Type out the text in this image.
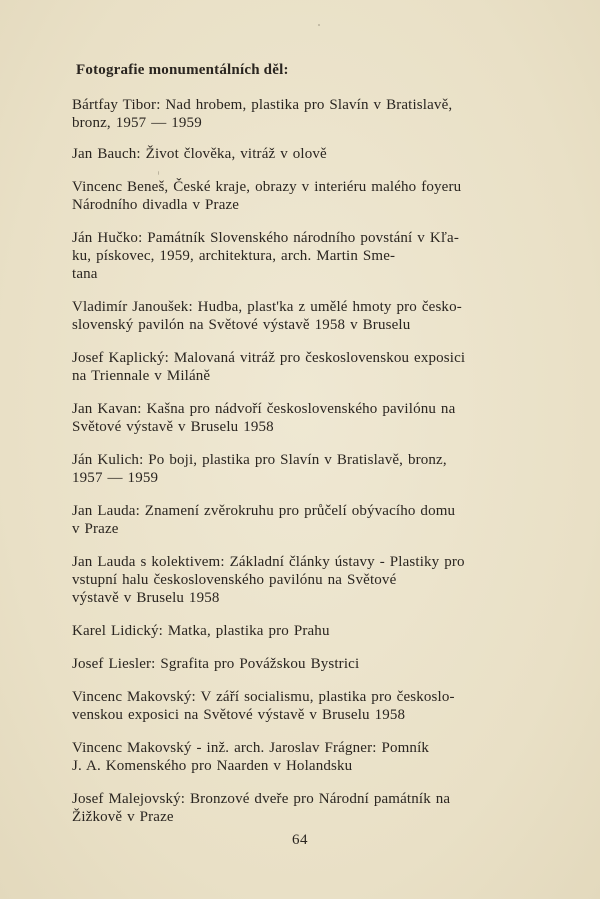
Fotografie monumentálních děl:

Bártfay Tibor: Nad hrobem, plastika pro Slavín v Bratislavě,
bronz, 1957 — 1959

Jan Bauch: Život člověka, vitráž v olově

Vincenc Beneš, České kraje, obrazy v interiéru malého foyeru
Národního divadla v Praze

Ján Hučko: Památník Slovenského národního povstání v Kľa-
ku, pískovec, 1959, architektura, arch. Martin Sme-
tana

Vladimír Janoušek: Hudba, plast'ka z umělé hmoty pro česko-
slovenský pavilón na Světové výstavě 1958 v Bruselu

Josef Kaplický: Malovaná vitráž pro československou exposici
na Triennale v Miláně

Jan Kavan: Kašna pro nádvoří československého pavilónu na
Světové výstavě v Bruselu 1958

Ján Kulich: Po boji, plastika pro Slavín v Bratislavě, bronz,
1957 — 1959

Jan Lauda: Znamení zvěrokruhu pro průčelí obývacího domu
v Praze

Jan Lauda s kolektivem: Základní články ústavy - Plastiky pro
vstupní halu československého pavilónu na Světové
výstavě v Bruselu 1958

Karel Lidický: Matka, plastika pro Prahu

Josef Liesler: Sgrafita pro Povážskou Bystrici

Vincenc Makovský: V září socialismu, plastika pro českoslo-
venskou exposici na Světové výstavě v Bruselu 1958

Vincenc Makovský - inž. arch. Jaroslav Frágner: Pomník
J. A. Komenského pro Naarden v Holandsku

Josef Malejovský: Bronzové dveře pro Národní památník na
Žižkově v Praze

64
